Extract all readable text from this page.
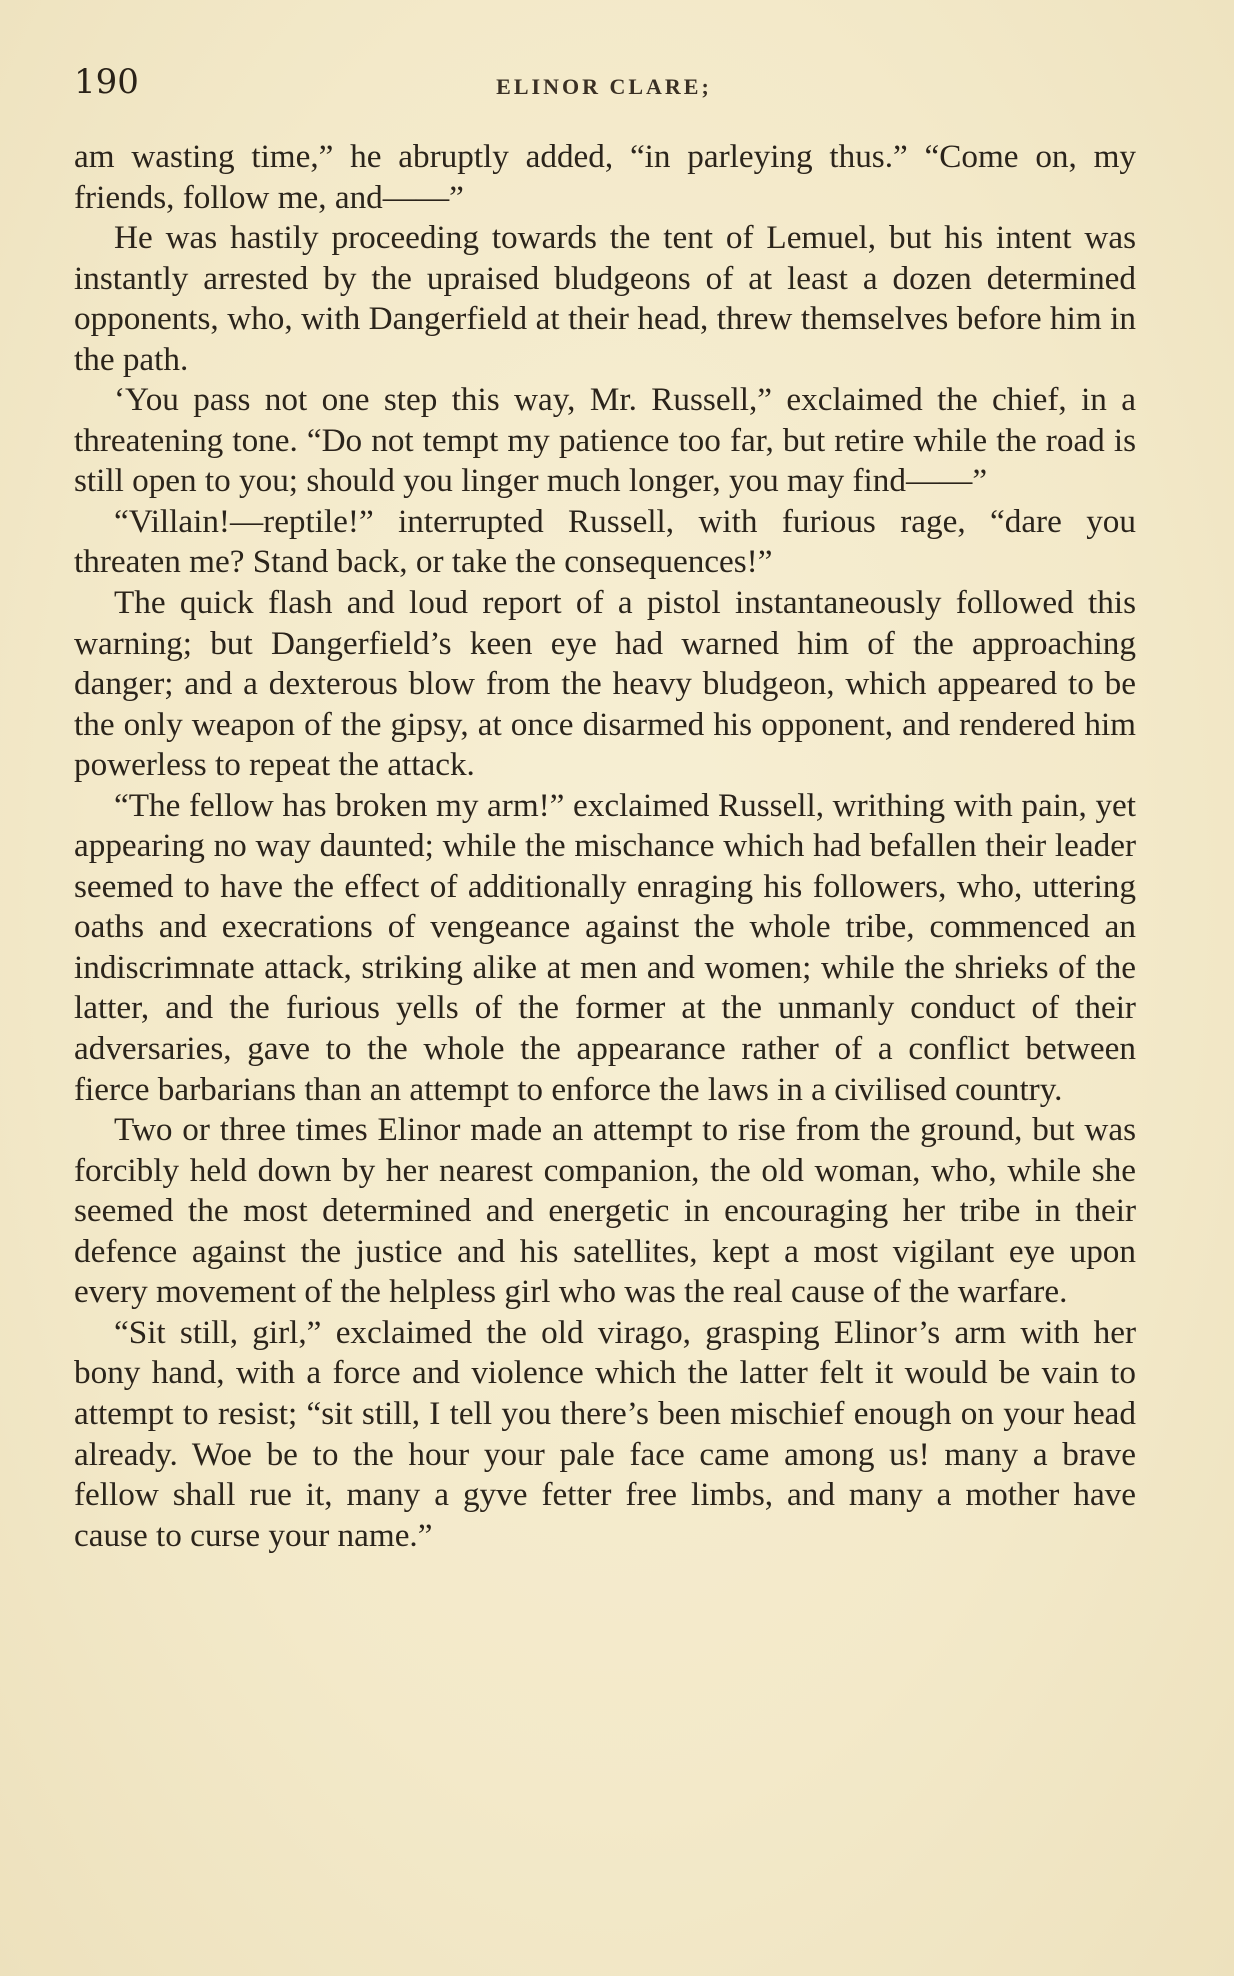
190	ELINOR CLARE;

am wasting time,” he abruptly added, “in parleying thus.” “Come on, my friends, follow me, and——”

He was hastily proceeding towards the tent of Lemuel, but his intent was instantly arrested by the upraised bludgeons of at least a dozen determined opponents, who, with Dangerfield at their head, threw themselves before him in the path.

‘You pass not one step this way, Mr. Russell,” exclaimed the chief, in a threatening tone. “Do not tempt my patience too far, but retire while the road is still open to you; should you linger much longer, you may find——”

“Villain!—reptile!” interrupted Russell, with furious rage, “dare you threaten me? Stand back, or take the consequences!”

The quick flash and loud report of a pistol instantaneously followed this warning; but Dangerfield’s keen eye had warned him of the approaching danger; and a dexterous blow from the heavy bludgeon, which appeared to be the only weapon of the gipsy, at once disarmed his opponent, and rendered him powerless to repeat the attack.

“The fellow has broken my arm!” exclaimed Russell, writhing with pain, yet appearing no way daunted; while the mischance which had befallen their leader seemed to have the effect of additionally enraging his followers, who, uttering oaths and execrations of vengeance against the whole tribe, commenced an indiscrimnate attack, striking alike at men and women; while the shrieks of the latter, and the furious yells of the former at the unmanly conduct of their adversaries, gave to the whole the appearance rather of a conflict between fierce barbarians than an attempt to enforce the laws in a civilised country.

Two or three times Elinor made an attempt to rise from the ground, but was forcibly held down by her nearest companion, the old woman, who, while she seemed the most determined and energetic in encouraging her tribe in their defence against the justice and his satellites, kept a most vigilant eye upon every movement of the helpless girl who was the real cause of the warfare.

“Sit still, girl,” exclaimed the old virago, grasping Elinor’s arm with her bony hand, with a force and violence which the latter felt it would be vain to attempt to resist; “sit still, I tell you there’s been mischief enough on your head already. Woe be to the hour your pale face came among us! many a brave fellow shall rue it, many a gyve fetter free limbs, and many a mother have cause to curse your name.”
